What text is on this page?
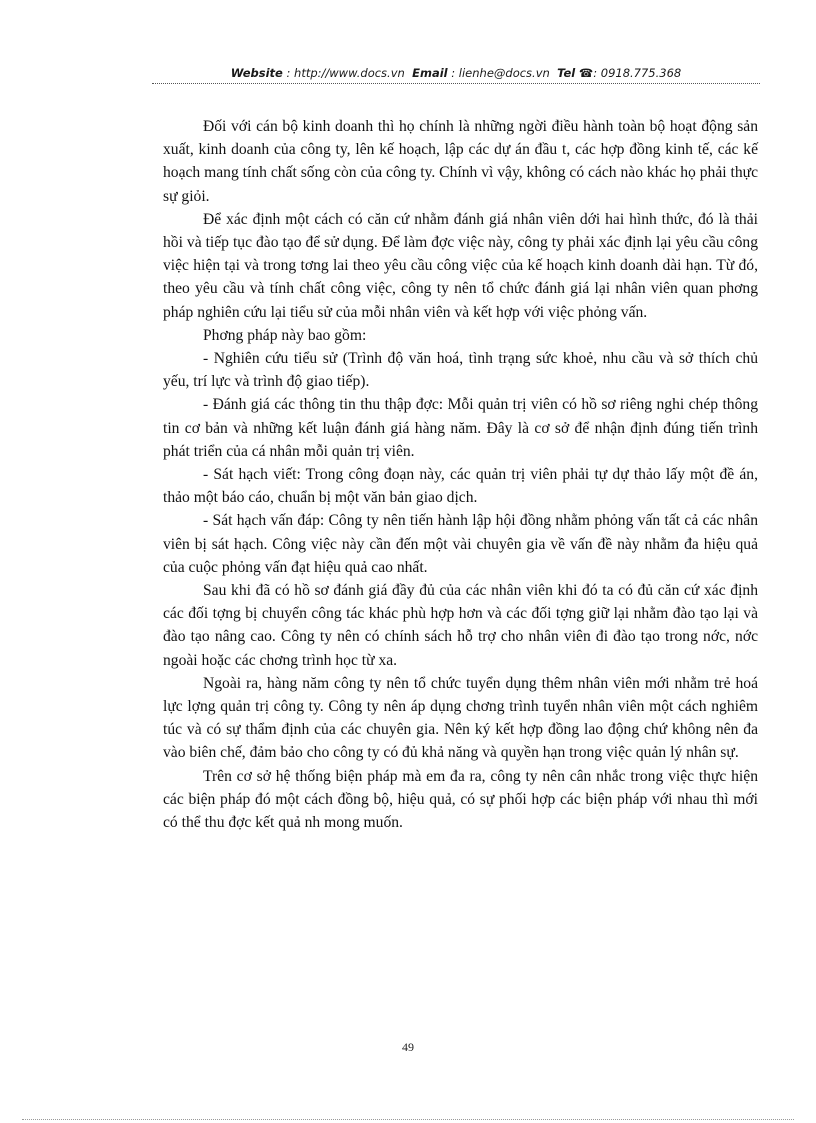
Website : http://www.docs.vn Email : lienhe@docs.vn Tel ☎: 0918.775.368

Đối với cán bộ kinh doanh thì họ chính là những ngời điều hành toàn bộ hoạt động sản xuất, kinh doanh của công ty, lên kế hoạch, lập các dự án đầu t, các hợp đồng kinh tế, các kế hoạch mang tính chất sống còn của công ty. Chính vì vậy, không có cách nào khác họ phải thực sự giỏi.

Để xác định một cách có căn cứ nhằm đánh giá nhân viên dới hai hình thức, đó là thải hồi và tiếp tục đào tạo để sử dụng. Để làm đợc việc này, công ty phải xác định lại yêu cầu công việc hiện tại và trong tơng lai theo yêu cầu công việc của kế hoạch kinh doanh dài hạn. Từ đó, theo yêu cầu và tính chất công việc, công ty nên tổ chức đánh giá lại nhân viên quan phơng pháp nghiên cứu lại tiểu sử của mỗi nhân viên và kết hợp với việc phỏng vấn.

Phơng pháp này bao gồm:

- Nghiên cứu tiểu sử (Trình độ văn hoá, tình trạng sức khoẻ, nhu cầu và sở thích chủ yếu, trí lực và trình độ giao tiếp).

- Đánh giá các thông tin thu thập đợc: Mỗi quản trị viên có hồ sơ riêng nghi chép thông tin cơ bản và những kết luận đánh giá hàng năm. Đây là cơ sở để nhận định đúng tiến trình phát triển của cá nhân mỗi quản trị viên.

- Sát hạch viết: Trong công đoạn này, các quản trị viên phải tự dự thảo lấy một đề án, thảo một báo cáo, chuẩn bị một văn bản giao dịch.

- Sát hạch vấn đáp: Công ty nên tiến hành lập hội đồng nhằm phỏng vấn tất cả các nhân viên bị sát hạch. Công việc này cần đến một vài chuyên gia về vấn đề này nhằm đa hiệu quả của cuộc phỏng vấn đạt hiệu quả cao nhất.

Sau khi đã có hồ sơ đánh giá đầy đủ của các nhân viên khi đó ta có đủ căn cứ xác định các đối tợng bị chuyển công tác khác phù hợp hơn và các đối tợng giữ lại nhằm đào tạo lại và đào tạo nâng cao. Công ty nên có chính sách hỗ trợ cho nhân viên đi đào tạo trong nớc, nớc ngoài hoặc các chơng trình học từ xa.

Ngoài ra, hàng năm công ty nên tổ chức tuyển dụng thêm nhân viên mới nhằm trẻ hoá lực lợng quản trị công ty. Công ty nên áp dụng chơng trình tuyển nhân viên một cách nghiêm túc và có sự thẩm định của các chuyên gia. Nên ký kết hợp đồng lao động chứ không nên đa vào biên chế, đảm bảo cho công ty có đủ khả năng và quyền hạn trong việc quản lý nhân sự.

Trên cơ sở hệ thống biện pháp mà em đa ra, công ty nên cân nhắc trong việc thực hiện các biện pháp đó một cách đồng bộ, hiệu quả, có sự phối hợp các biện pháp với nhau thì mới có thể thu đợc kết quả nh mong muốn.

49
